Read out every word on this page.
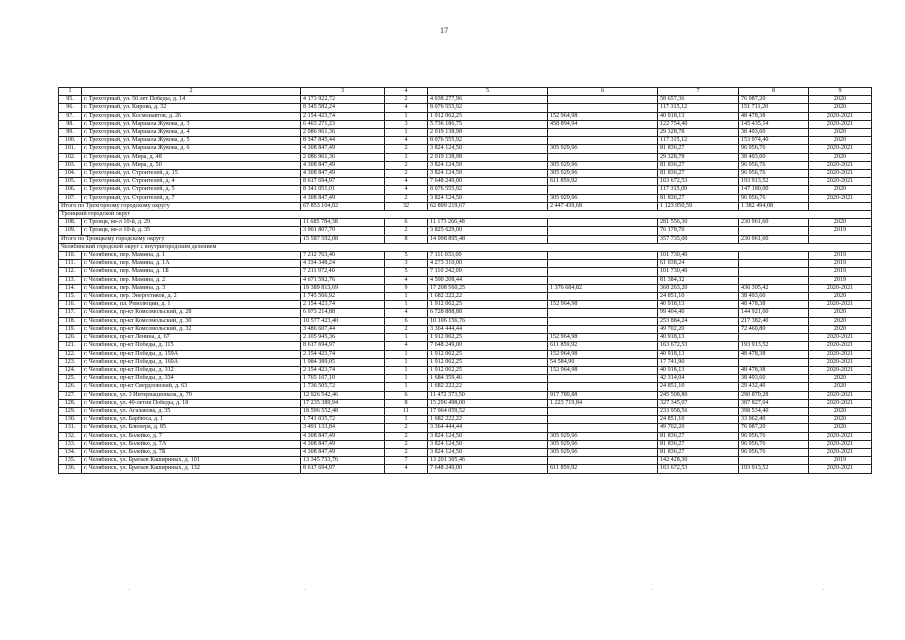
17
1	2	3	4	5	6	7	8	9
95.	г. Трехгорный, ул. 50 лет Победы, д. 14	4 173 922,72	2	4 038 277,96		58 657,36	76 987,20	2020
96.	г. Трехгорный, ул. Кирова, д. 32	8 345 582,24	4	8 076 555,92		117 315,12	151 711,20	2020
97.	г. Трехгорный, ул. Космонавтов, д. 26	2 154 423,74	1	1 912 062,25	152 964,98	40 918,13	48 478,38	2020-2021
98.	г. Трехгорный, ул. Маршала Жукова, д. 3	6 463 271,23	3	5 736 186,75	458 894,94	122 754,40	145 435,14	2020-2021
99.	г. Трехгорный, ул. Маршала Жукова, д. 4	2 086 961,36	1	2 019 138,98		29 328,78	38 493,60	2020
100.	г. Трехгорный, ул. Маршала Жукова, д. 5	8 347 845,44	4	8 076 555,92		117 315,12	153 974,40	2020
101.	г. Трехгорный, ул. Маршала Жукова, д. 6	4 308 847,49	2	3 824 124,50	305 929,96	81 836,27	96 956,76	2020-2021
102.	г. Трехгорный, ул. Мира, д. 48	2 086 961,36	1	2 019 138,98		29 328,78	38 493,60	2020
103.	г. Трехгорный, ул. Мира, д. 50	4 308 847,49	2	3 824 124,50	305 929,96	81 836,27	96 956,76	2020-2021
104.	г. Трехгорный, ул. Строителей, д. 15	4 308 847,49	2	3 824 124,50	305 929,96	81 836,27	96 956,76	2020-2021
105.	г. Трехгорный, ул. Строителей, д. 4	8 617 694,97	4	7 648 249,00	611 859,92	163 672,53	193 913,52	2020-2021
106.	г. Трехгорный, ул. Строителей, д. 5	8 341 051,01	4	8 076 555,92		117 315,09	147 180,00	2020
107.	г. Трехгорный, ул. Строителей, д. 7	4 308 847,49	2	3 824 124,50	305 929,96	81 836,27	96 956,76	2020-2021
Итого по Трехгорному городскому округу		67 853 104,02	32	62 899 219,67	2 447 439,68	1 123 950,59	1 382 494,08	
Троицкий городской округ								
108.	г. Троицк, кв-л 10-й, д. 29	11 685 784,38	6	11 173 266,48		281 556,30	230 961,60	2020
109.	г. Троицк, кв-л 10-й, д. 35	3 901 807,70	2	3 825 629,00		76 178,70		2019
Итого по Троицкому городскому округу		15 587 592,08	8	14 998 895,48		357 735,00	230 961,60	
Челябинский городской округ с внутригородским делением								
110.	г. Челябинск, пер. Мамина, д. 1	7 212 763,40	5	7 111 033,00		101 730,40		2019
111.	г. Челябинск, пер. Мамина, д. 1А	4 334 348,24	3	4 273 310,00		61 038,24		2019
112.	г. Челябинск, пер. Мамина, д. 1Б	7 211 972,40	5	7 110 242,00		101 730,40		2019
113.	г. Челябинск, пер. Мамина, д. 2	4 671 592,76	4	4 590 208,44		81 384,32		2019
114.	г. Челябинск, пер. Мамина, д. 3	19 389 813,69	9	17 208 560,25	1 376 684,82	368 263,20	436 305,42	2020-2021
115.	г. Челябинск, пер. Энергетиков, д. 2	1 745 566,92	1	1 682 222,22		24 851,10	38 493,60	2020
116.	г. Челябинск, пл. Революции, д. 1	2 154 423,74	1	1 912 062,25	152 964,98	40 918,13	48 478,38	2020-2021
117.	г. Челябинск, пр-кт Комсомольский, д. 28	6 973 214,88	4	6 728 888,88		99 404,40	144 921,60	2020
118.	г. Челябинск, пр-кт Комсомольский, д. 30	10 577 423,40	6	10 106 156,76		253 884,24	217 382,40	2020
119.	г. Челябинск, пр-кт Комсомольский, д. 32	3 486 607,44	2	3 364 444,44		49 702,20	72 460,80	2020
120.	г. Челябинск, пр-кт Ленина, д. 67	2 105 945,36	1	1 912 062,25	152 964,98	40 918,13		2020-2021
121.	г. Челябинск, пр-кт Победы, д. 115	8 617 694,97	4	7 648 249,00	611 859,92	163 672,53	193 913,52	2020-2021
122.	г. Челябинск, пр-кт Победы, д. 159А	2 154 423,74	1	1 912 062,25	152 964,98	40 918,13	48 478,38	2020-2021
123.	г. Челябинск, пр-кт Победы, д. 160А	1 984 389,05	1	1 912 062,25	54 584,90	17 741,90		2020-2021
124.	г. Челябинск, пр-кт Победы, д. 312	2 154 423,74	1	1 912 062,25	152 964,98	40 918,13	48 478,38	2020-2021
125.	г. Челябинск, пр-кт Победы, д. 334	1 765 167,10	1	1 684 359,46		42 314,04	38 493,60	2020
126.	г. Челябинск, пр-кт Свердловский, д. 63	1 736 505,72	1	1 682 222,22		24 851,10	29 432,40	2020
127.	г. Челябинск, ул. 3 Интернационала, д. 70	12 926 542,46	6	11 472 373,50	917 789,88	245 508,80	290 870,28	2020-2021
128.	г. Челябинск, ул. 40-летия Победы, д. 18	17 235 389,94	8	15 296 498,00	1 223 719,84	327 345,07	387 827,04	2020-2021
129.	г. Челябинск, ул. Агалакова, д. 35	18 596 552,48	11	17 964 059,52		233 958,56	398 534,40	2020
130.	г. Челябинск, ул. Барбюса, д. 1	1 741 035,72	1	1 682 222,22		24 851,10	33 962,40	2020
131.	г. Челябинск, ул. Блюхера, д. 85	3 491 133,84	2	3 364 444,44		49 702,20	76 987,20	2020
132.	г. Челябинск, ул. Болейко, д. 7	4 308 847,49	2	3 824 124,50	305 929,96	81 836,27	96 956,76	2020-2021
133.	г. Челябинск, ул. Болейко, д. 7А	4 308 847,49	2	3 824 124,50	305 929,96	81 836,27	96 956,76	2020-2021
134.	г. Челябинск, ул. Болейко, д. 7Б	4 308 847,49	2	3 824 124,50	305 929,96	81 836,27	96 956,76	2020-2021
135.	г. Челябинск, ул. Братьев Кашириных, д. 101	13 345 733,76	7	13 201 305,46		142 428,30		2019
136.	г. Челябинск, ул. Братьев Кашириных, д. 132	8 617 694,97	4	7 648 249,00	611 859,92	163 672,53	193 913,52	2020-2021
˙	˙	˙	˙
